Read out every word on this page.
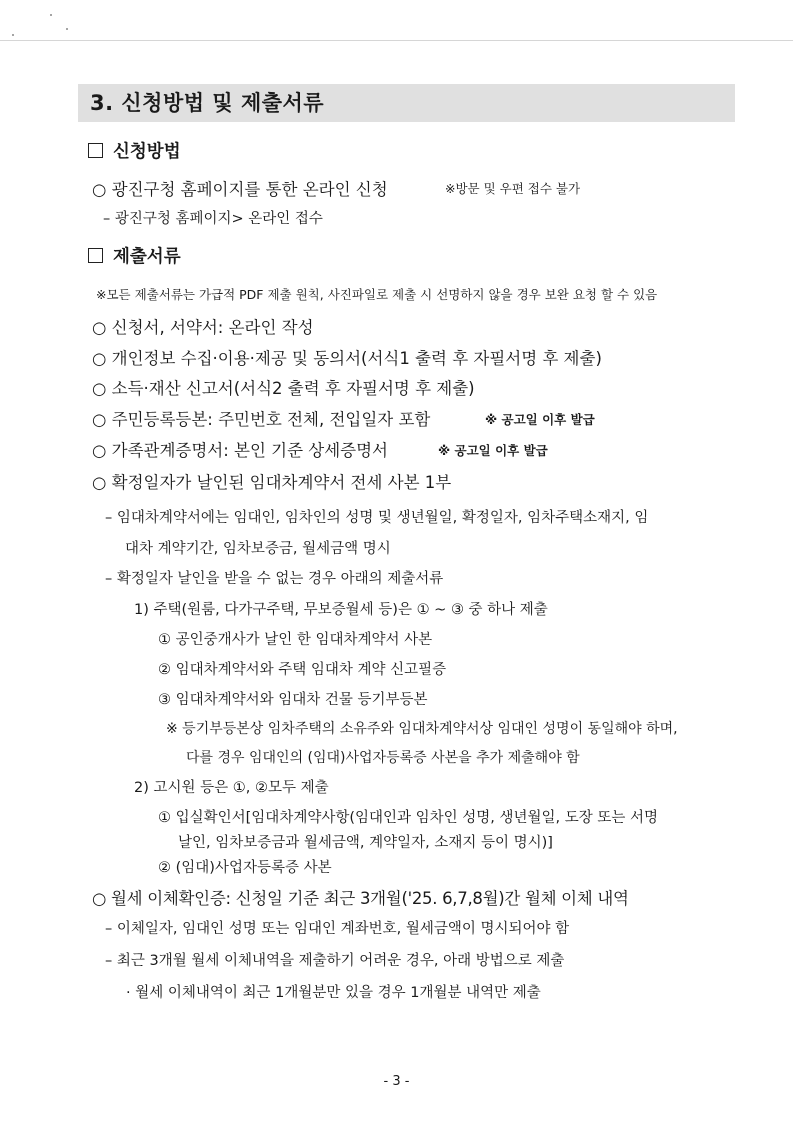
3. 신청방법 및 제출서류
신청방법
○ 광진구청 홈페이지를 통한 온라인 신청	※방문 및 우편 접수 불가
– 광진구청 홈페이지> 온라인 접수
제출서류
※모든 제출서류는 가급적 PDF 제출 원칙, 사진파일로 제출 시 선명하지 않을 경우 보완 요청 할 수 있음
○ 신청서, 서약서: 온라인 작성
○ 개인정보 수집·이용·제공 및 동의서(서식1 출력 후 자필서명 후 제출)
○ 소득·재산 신고서(서식2 출력 후 자필서명 후 제출)
○ 주민등록등본: 주민번호 전체, 전입일자 포함	※ 공고일 이후 발급
○ 가족관계증명서: 본인 기준 상세증명서	※ 공고일 이후 발급
○ 확정일자가 날인된 임대차계약서 전세 사본 1부
– 임대차계약서에는 임대인, 임차인의 성명 및 생년월일, 확정일자, 임차주택소재지, 임
대차 계약기간, 임차보증금, 월세금액 명시
– 확정일자 날인을 받을 수 없는 경우 아래의 제출서류
1) 주택(원룸, 다가구주택, 무보증월세 등)은 ① ~ ③ 중 하나 제출
① 공인중개사가 날인 한 임대차계약서 사본
② 임대차계약서와 주택 임대차 계약 신고필증
③ 임대차계약서와 임대차 건물 등기부등본
※ 등기부등본상 임차주택의 소유주와 임대차계약서상 임대인 성명이 동일해야 하며,
다를 경우 임대인의 (임대)사업자등록증 사본을 추가 제출해야 함
2) 고시원 등은 ①, ②모두 제출
① 입실확인서[임대차계약사항(임대인과 임차인 성명, 생년월일, 도장 또는 서명
날인, 임차보증금과 월세금액, 계약일자, 소재지 등이 명시)]
② (임대)사업자등록증 사본
○ 월세 이체확인증: 신청일 기준 최근 3개월('25. 6,7,8월)간 월체 이체 내역
– 이체일자, 임대인 성명 또는 임대인 계좌번호, 월세금액이 명시되어야 함
– 최근 3개월 월세 이체내역을 제출하기 어려운 경우, 아래 방법으로 제출
· 월세 이체내역이 최근 1개월분만 있을 경우 1개월분 내역만 제출
- 3 -
